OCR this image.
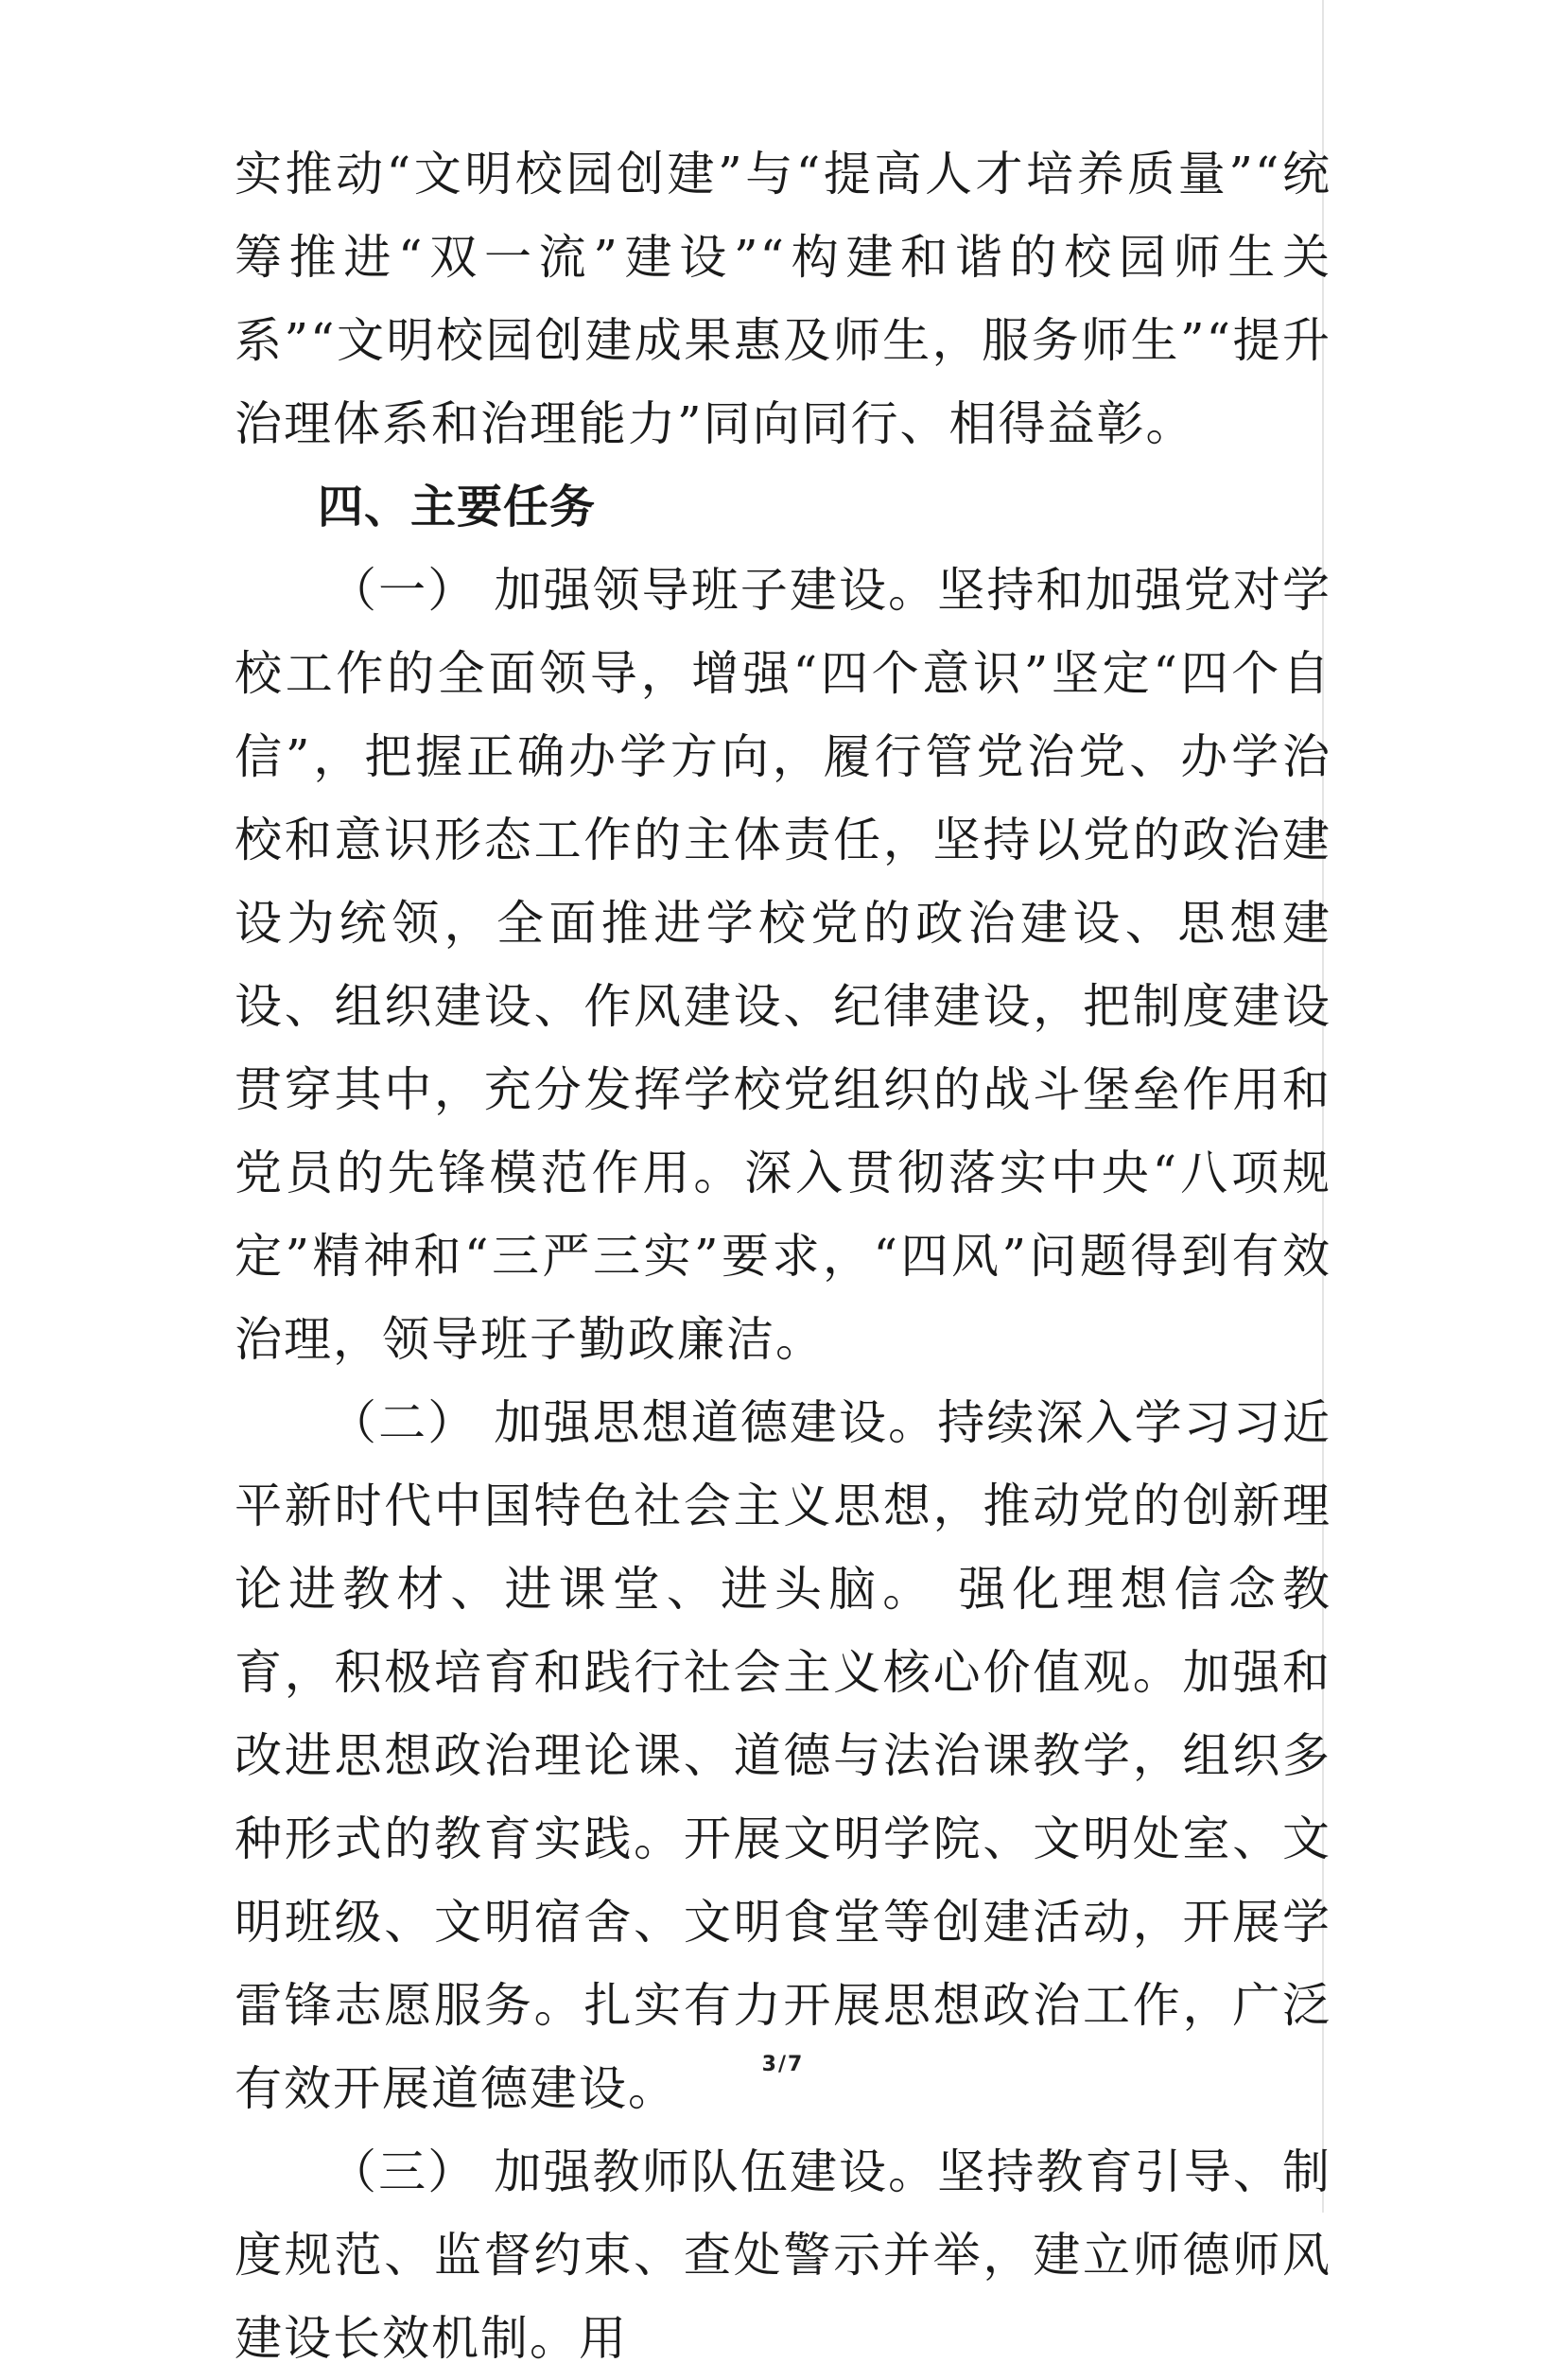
实推动“文明校园创建”与“提高人才培养质量”“统筹推进“双一流”建设”“构建和谐的校园师生关系”“文明校园创建成果惠及师生，服务师生”“提升治理体系和治理能力”同向同行、相得益彰。

四、主要任务

（一） 加强领导班子建设。坚持和加强党对学校工作的全面领导，增强“四个意识”坚定“四个自信”，把握正确办学方向，履行管党治党、办学治校和意识形态工作的主体责任，坚持以党的政治建设为统领，全面推进学校党的政治建设、思想建设、组织建设、作风建设、纪律建设，把制度建设贯穿其中，充分发挥学校党组织的战斗堡垒作用和党员的先锋模范作用。深入贯彻落实中央“八项规定”精神和“三严三实”要求，“四风”问题得到有效治理，领导班子勤政廉洁。

（二） 加强思想道德建设。持续深入学习习近平新时代中国特色社会主义思想，推动党的创新理论进教材、进课堂、进头脑。 强化理想信念教育，积极培育和践行社会主义核心价值观。加强和改进思想政治理论课、道德与法治课教学，组织多种形式的教育实践。开展文明学院、文明处室、文明班级、文明宿舍、文明食堂等创建活动，开展学雷锋志愿服务。扎实有力开展思想政治工作，广泛有效开展道德建设。

（三） 加强教师队伍建设。坚持教育引导、制度规范、监督约束、查处警示并举，建立师德师风建设长效机制。用

3/7
